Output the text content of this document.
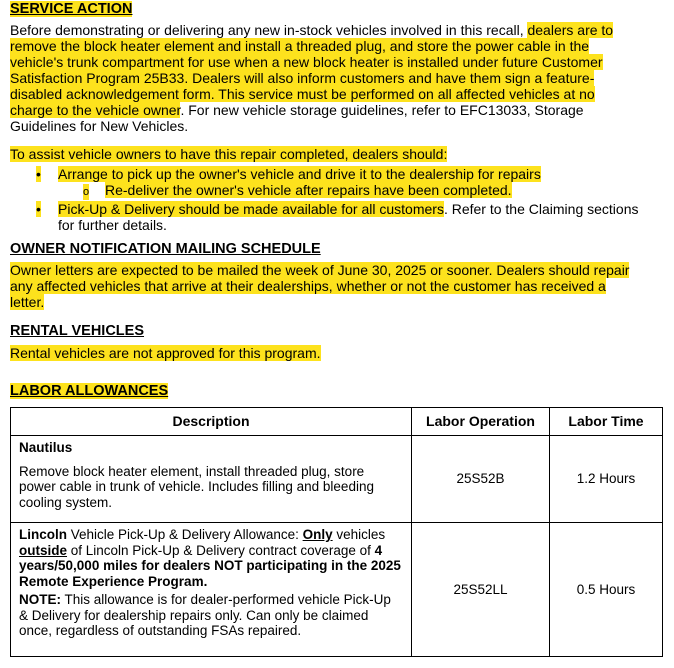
SERVICE ACTION
Before demonstrating or delivering any new in-stock vehicles involved in this recall, dealers are to
remove the block heater element and install a threaded plug, and store the power cable in the
vehicle's trunk compartment for use when a new block heater is installed under future Customer
Satisfaction Program 25B33. Dealers will also inform customers and have them sign a feature-
disabled acknowledgement form. This service must be performed on all affected vehicles at no
charge to the vehicle owner. For new vehicle storage guidelines, refer to EFC13033, Storage
Guidelines for New Vehicles.
To assist vehicle owners to have this repair completed, dealers should:
• Arrange to pick up the owner's vehicle and drive it to the dealership for repairs
o Re-deliver the owner's vehicle after repairs have been completed.
• Pick-Up & Delivery should be made available for all customers. Refer to the Claiming sections
for further details.
OWNER NOTIFICATION MAILING SCHEDULE
Owner letters are expected to be mailed the week of June 30, 2025 or sooner. Dealers should repair
any affected vehicles that arrive at their dealerships, whether or not the customer has received a
letter.
RENTAL VEHICLES
Rental vehicles are not approved for this program.
LABOR ALLOWANCES
Description	Labor Operation	Labor Time

Nautilus
Remove block heater element, install threaded plug, store power cable in trunk of vehicle. Includes filling and bleeding cooling system.	25S52B	1.2 Hours

Lincoln Vehicle Pick-Up & Delivery Allowance: Only vehicles outside of Lincoln Pick-Up & Delivery contract coverage of 4 years/50,000 miles for dealers NOT participating in the 2025 Remote Experience Program.
NOTE: This allowance is for dealer-performed vehicle Pick-Up & Delivery for dealership repairs only. Can only be claimed once, regardless of outstanding FSAs repaired.	25S52LL	0.5 Hours
